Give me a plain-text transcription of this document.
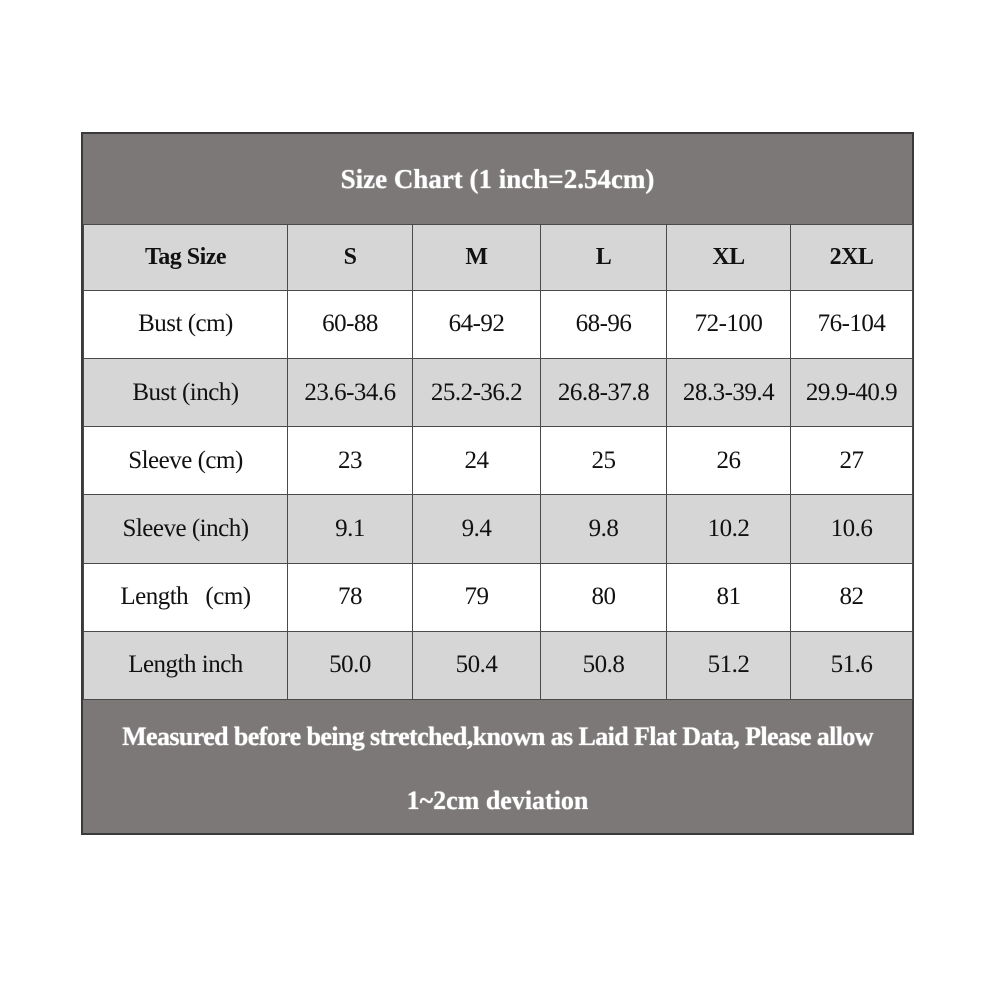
Size Chart (1 inch=2.54cm)
Tag Size	S	M	L	XL	2XL
Bust (cm)	60-88	64-92	68-96	72-100	76-104
Bust (inch)	23.6-34.6	25.2-36.2	26.8-37.8	28.3-39.4	29.9-40.9
Sleeve (cm)	23	24	25	26	27
Sleeve (inch)	9.1	9.4	9.8	10.2	10.6
Length   (cm)	78	79	80	81	82
Length inch	50.0	50.4	50.8	51.2	51.6
Measured before being stretched,known as Laid Flat Data, Please allow
1~2cm deviation
